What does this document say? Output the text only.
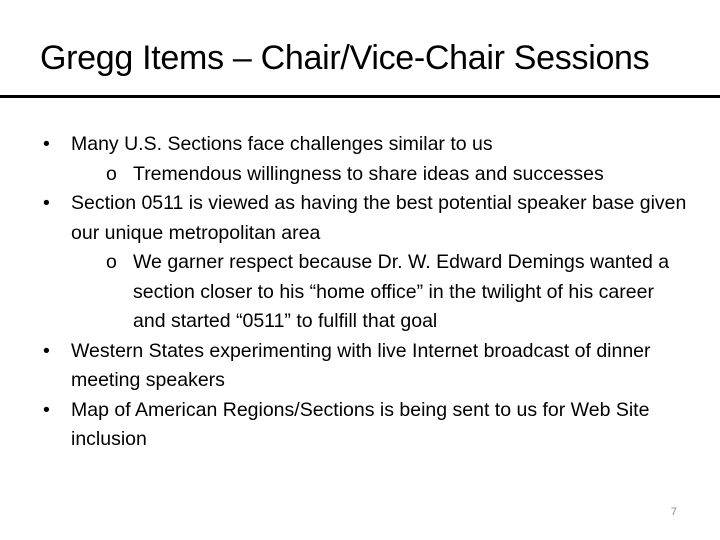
Gregg Items – Chair/Vice-Chair Sessions
• Many U.S. Sections face challenges similar to us
o Tremendous willingness to share ideas and successes
• Section 0511 is viewed as having the best potential speaker base given our unique metropolitan area
o We garner respect because Dr. W. Edward Demings wanted a section closer to his “home office” in the twilight of his career and started “0511” to fulfill that goal
• Western States experimenting with live Internet broadcast of dinner meeting speakers
• Map of American Regions/Sections is being sent to us for Web Site inclusion
7
